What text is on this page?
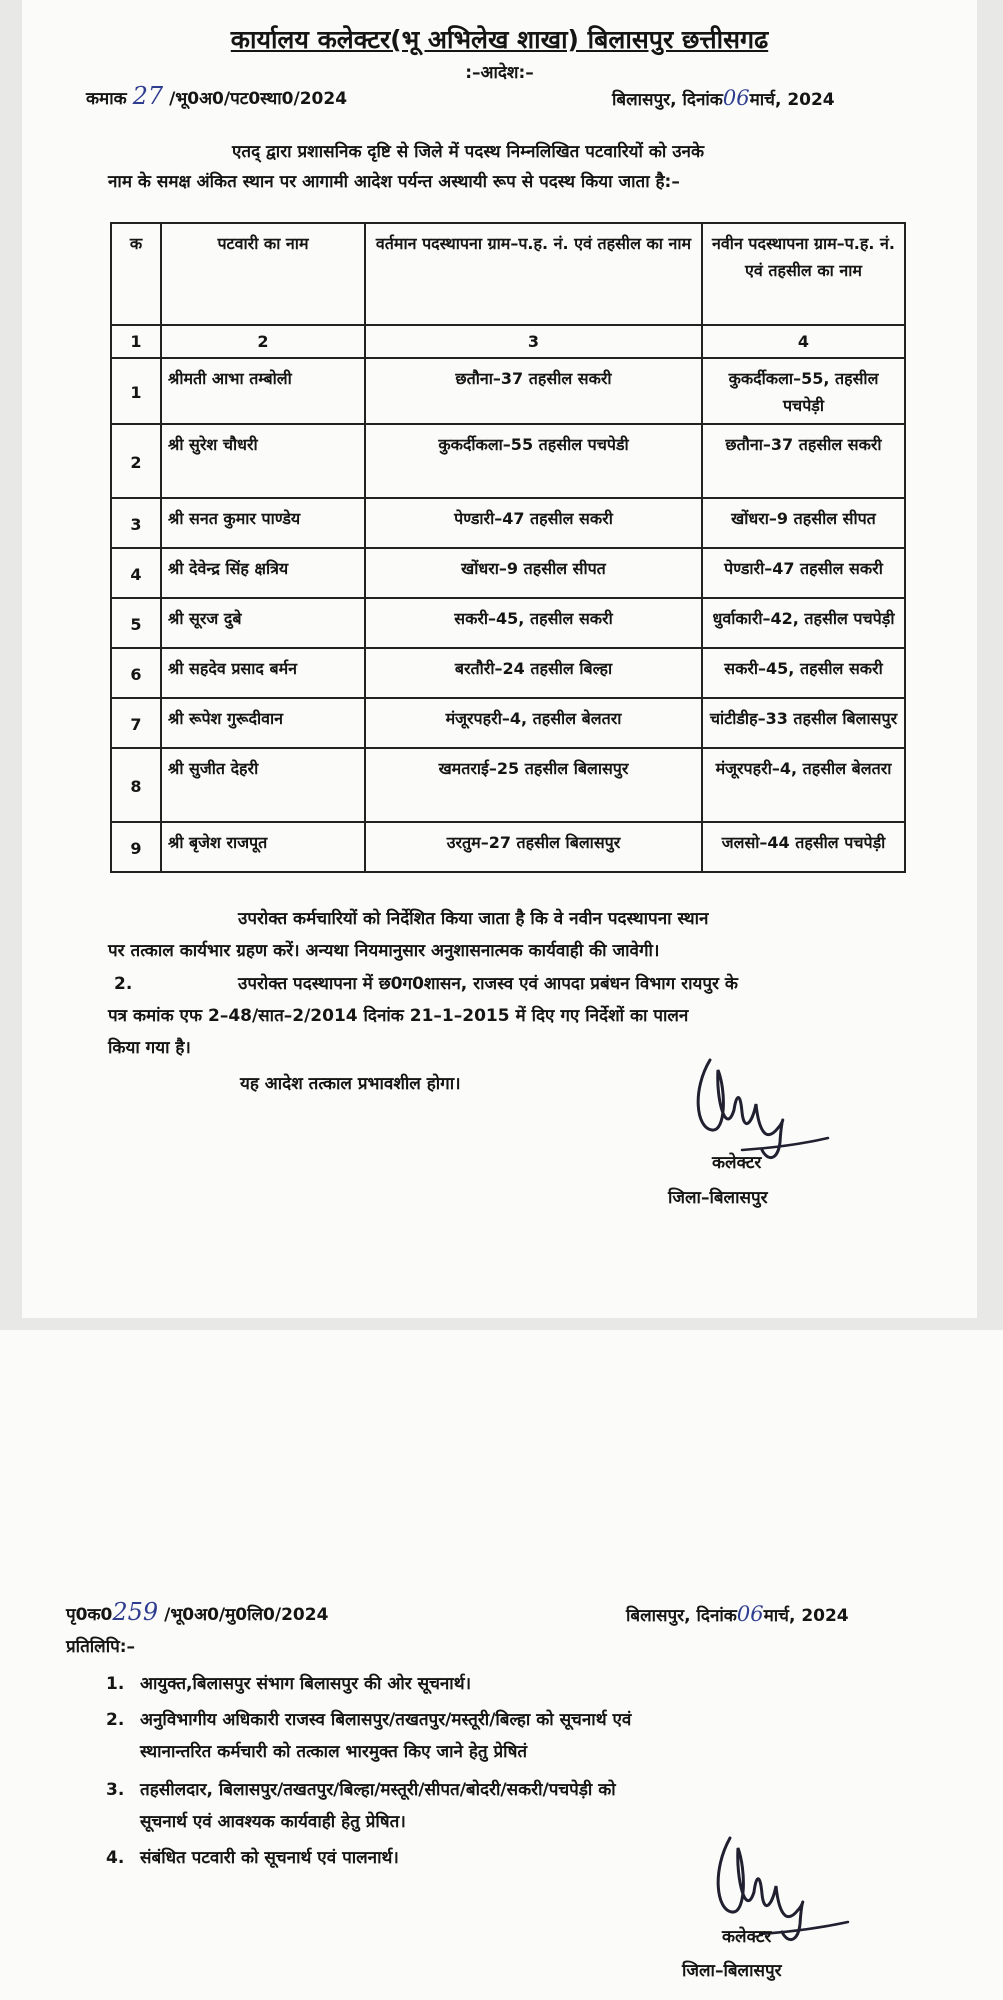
कार्यालय कलेक्टर(भू अभिलेख शाखा) बिलासपुर छत्तीसगढ
:–आदेश:–
कमाक 27 /भू0अ0/पट0स्था0/2024	बिलासपुर, दिनांक06मार्च, 2024
एतद् द्वारा प्रशासनिक दृष्टि से जिले में पदस्थ निम्नलिखित पटवारियों को उनके
नाम के समक्ष अंकित स्थान पर आगामी आदेश पर्यन्त अस्थायी रूप से पदस्थ किया जाता है:–
क	पटवारी का नाम	वर्तमान पदस्थापना ग्राम–प.ह. नं. एवं तहसील का नाम	नवीन पदस्थापना ग्राम–प.ह. नं. एवं तहसील का नाम
1	2	3	4
1	श्रीमती आभा तम्बोली	छतौना–37 तहसील सकरी	कुकर्दीकला–55, तहसील पचपेड़ी
2	श्री सुरेश चौधरी	कुकर्दीकला–55 तहसील पचपेडी	छतौना–37 तहसील सकरी
3	श्री सनत कुमार पाण्डेय	पेण्डारी–47 तहसील सकरी	खोंधरा–9 तहसील सीपत
4	श्री देवेन्द्र सिंह क्षत्रिय	खोंधरा–9 तहसील सीपत	पेण्डारी–47 तहसील सकरी
5	श्री सूरज दुबे	सकरी–45, तहसील सकरी	धुर्वाकारी–42, तहसील पचपेड़ी
6	श्री सहदेव प्रसाद बर्मन	बरतौरी–24 तहसील बिल्हा	सकरी–45, तहसील सकरी
7	श्री रूपेश गुरूदीवान	मंजूरपहरी–4, तहसील बेलतरा	चांटीडीह–33 तहसील बिलासपुर
8	श्री सुजीत देहरी	खमतराई–25 तहसील बिलासपुर	मंजूरपहरी–4, तहसील बेलतरा
9	श्री बृजेश राजपूत	उरतुम–27 तहसील बिलासपुर	जलसो–44 तहसील पचपेड़ी
उपरोक्त कर्मचारियों को निर्देशित किया जाता है कि वे नवीन पदस्थापना स्थान
पर तत्काल कार्यभार ग्रहण करें। अन्यथा नियमानुसार अनुशासनात्मक कार्यवाही की जावेगी।
2.	उपरोक्त पदस्थापना में छ0ग0शासन, राजस्व एवं आपदा प्रबंधन विभाग रायपुर के
पत्र कमांक एफ 2–48/सात–2/2014 दिनांक 21–1–2015 में दिए गए निर्देशों का पालन
किया गया है।
यह आदेश तत्काल प्रभावशील होगा।
कलेक्टर
जिला–बिलासपुर
पृ0क0259 /भू0अ0/मु0लि0/2024	बिलासपुर, दिनांक06मार्च, 2024
प्रतिलिपि:–
1. आयुक्त,बिलासपुर संभाग बिलासपुर की ओर सूचनार्थ।
2. अनुविभागीय अधिकारी राजस्व बिलासपुर/तखतपुर/मस्तूरी/बिल्हा को सूचनार्थ एवं
स्थानान्तरित कर्मचारी को तत्काल भारमुक्त किए जाने हेतु प्रेषितं
3. तहसीलदार, बिलासपुर/तखतपुर/बिल्हा/मस्तूरी/सीपत/बोदरी/सकरी/पचपेड़ी को
सूचनार्थ एवं आवश्यक कार्यवाही हेतु प्रेषित।
4. संबंधित पटवारी को सूचनार्थ एवं पालनार्थ।
कलेक्टर
जिला–बिलासपुर
